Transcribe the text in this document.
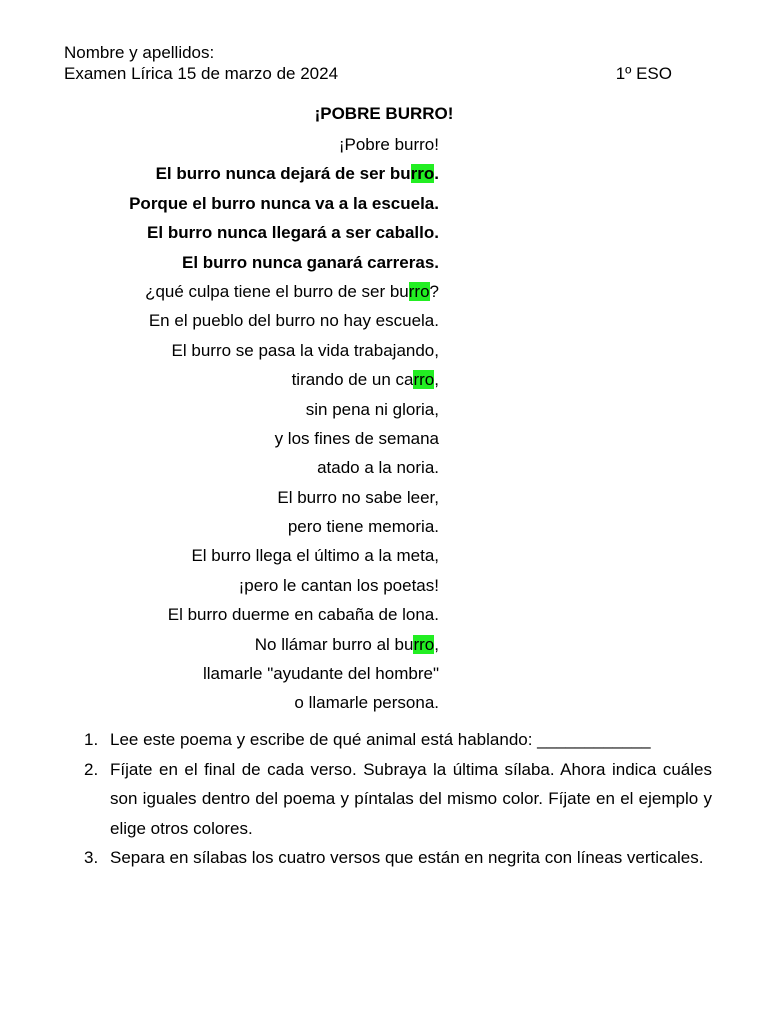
Nombre y apellidos:
Examen Lírica 15 de marzo de 2024	1º ESO
¡POBRE BURRO!
¡Pobre burro!
El burro nunca dejará de ser burro.
Porque el burro nunca va a la escuela.
El burro nunca llegará a ser caballo.
El burro nunca ganará carreras.
¿qué culpa tiene el burro de ser burro?
En el pueblo del burro no hay escuela.
El burro se pasa la vida trabajando,
tirando de un carro,
sin pena ni gloria,
y los fines de semana
atado a la noria.
El burro no sabe leer,
pero tiene memoria.
El burro llega el último a la meta,
¡pero le cantan los poetas!
El burro duerme en cabaña de lona.
No llámar burro al burro,
llamarle "ayudante del hombre"
o llamarle persona.
1. Lee este poema y escribe de qué animal está hablando: ____________
2. Fíjate en el final de cada verso. Subraya la última sílaba. Ahora indica cuáles son iguales dentro del poema y píntalas del mismo color. Fíjate en el ejemplo y elige otros colores.
3. Separa en sílabas los cuatro versos que están en negrita con líneas verticales.
